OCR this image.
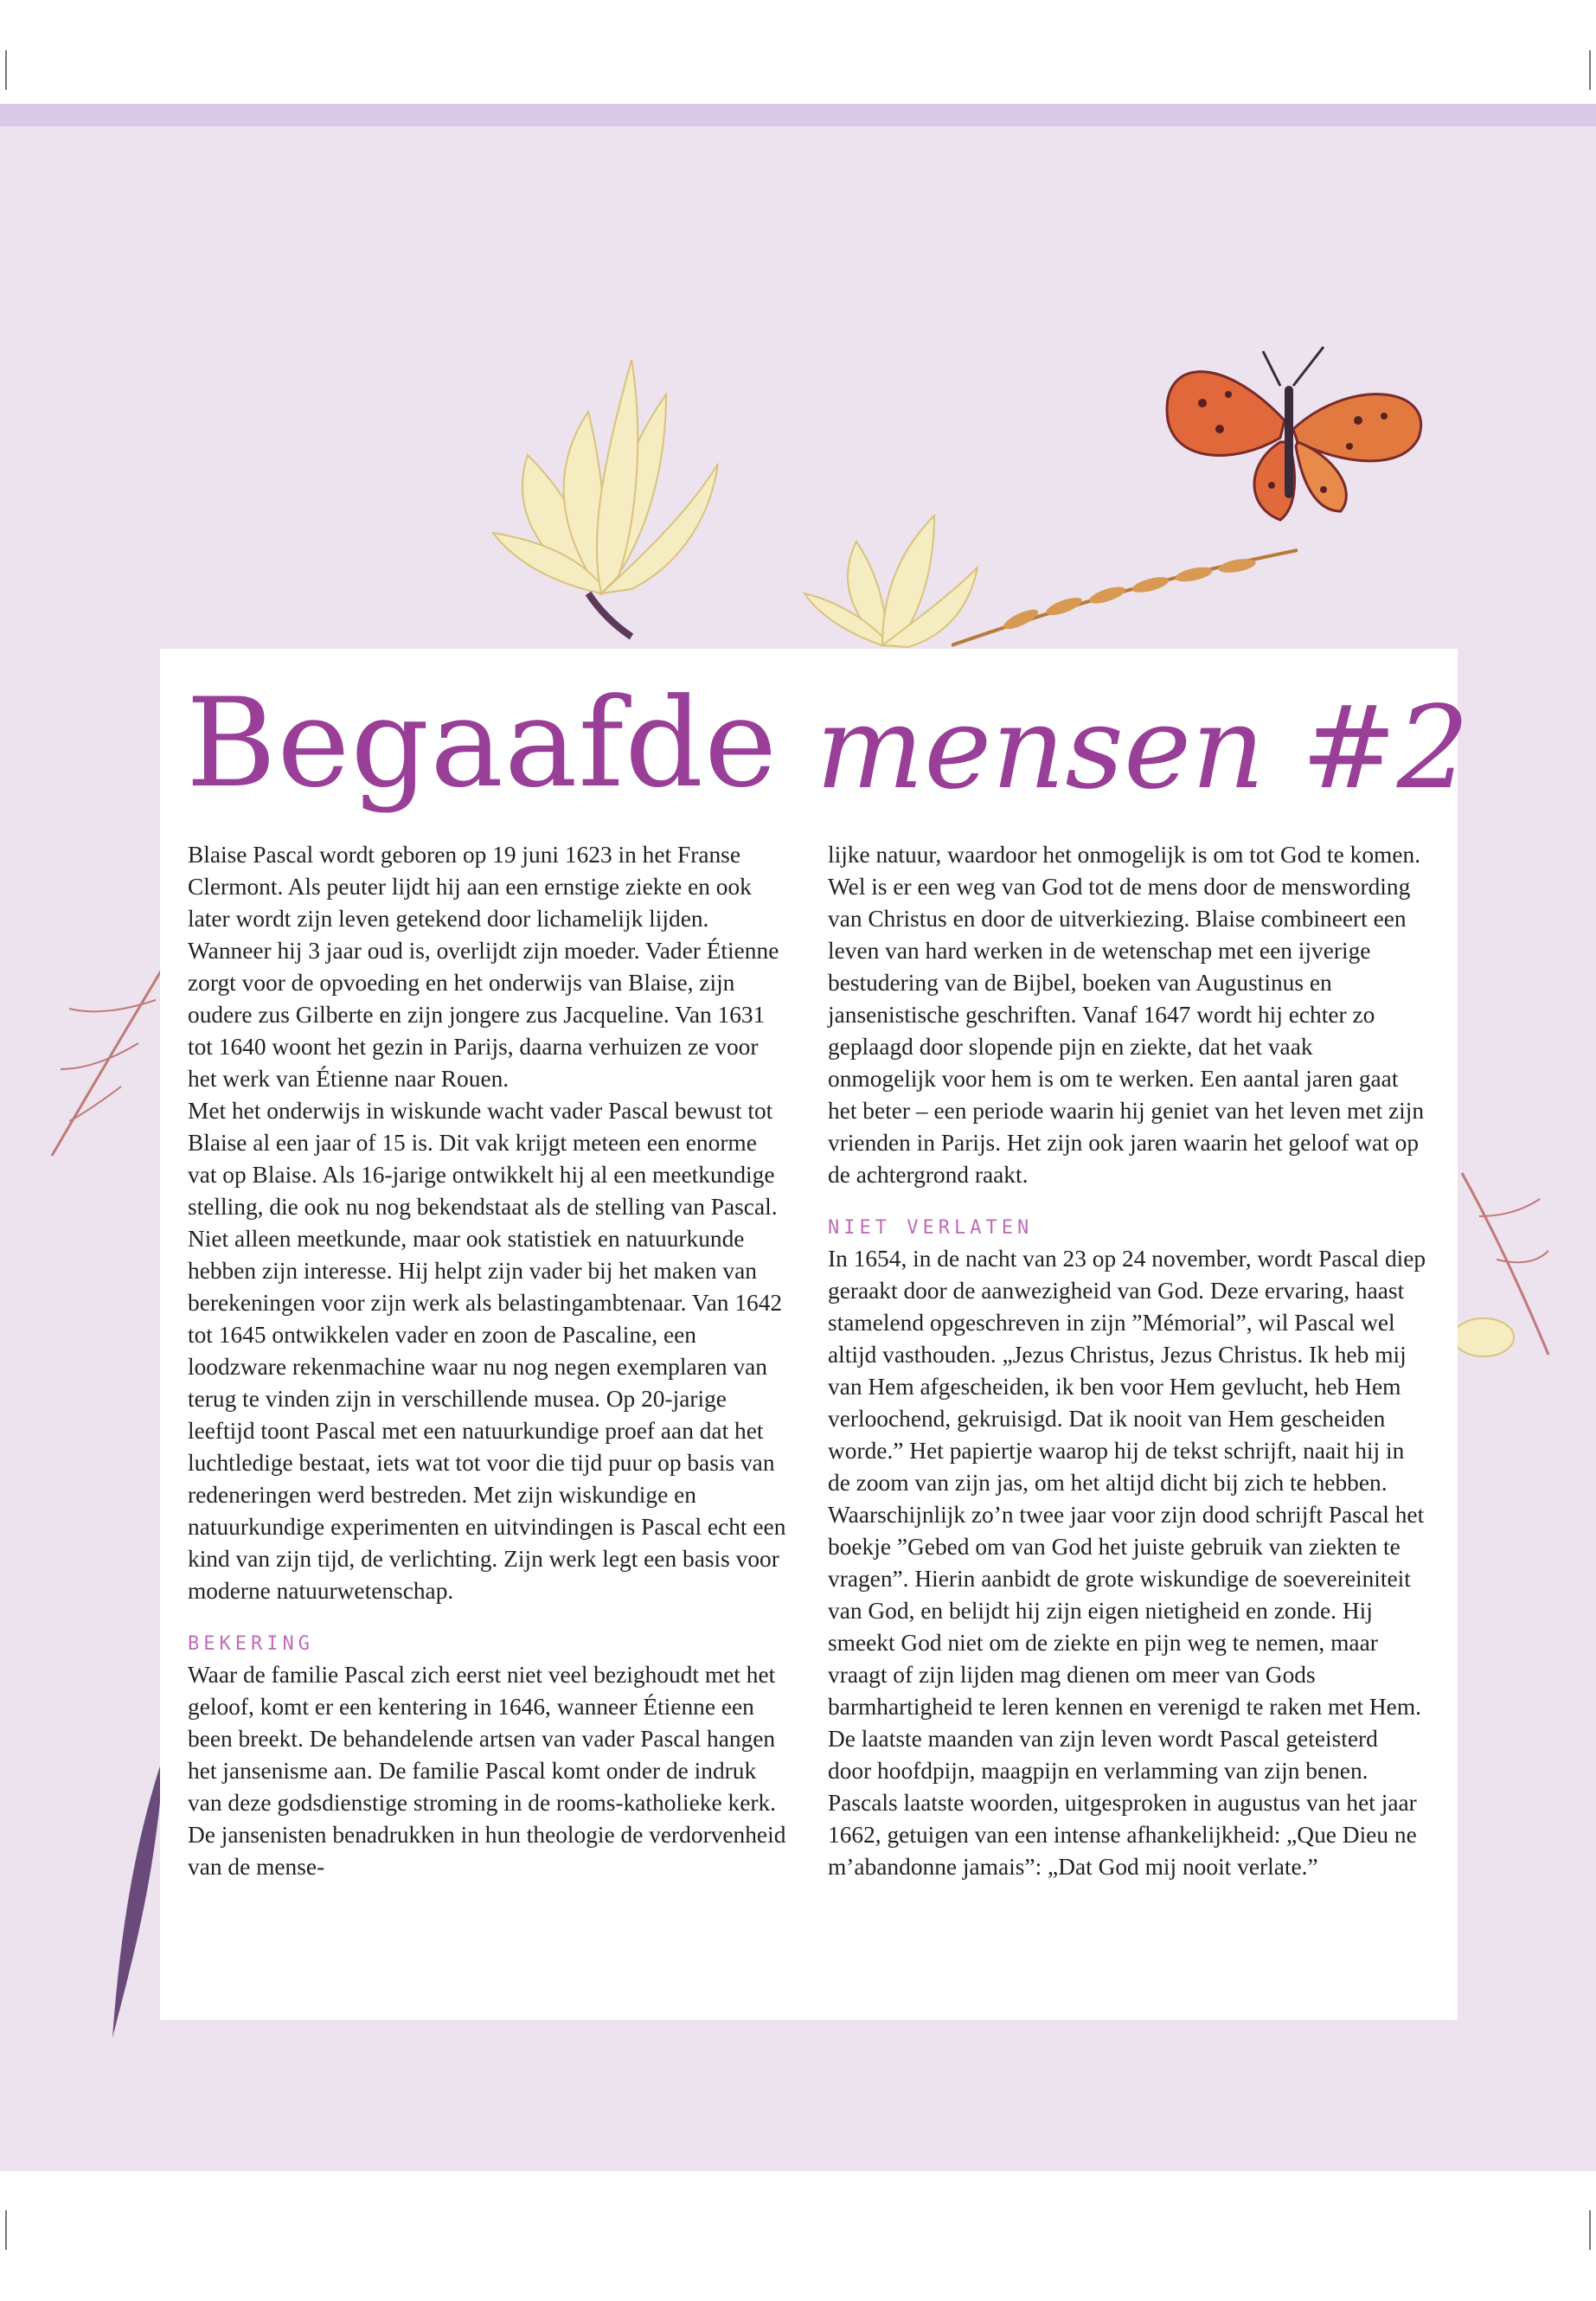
Begaafde mensen #2

Blaise Pascal wordt geboren op 19 juni 1623 in het Franse Clermont. Als peuter lijdt hij aan een ernstige ziekte en ook later wordt zijn leven getekend door lichamelijk lijden. Wanneer hij 3 jaar oud is, overlijdt zijn moeder. Vader Étienne zorgt voor de opvoeding en het onderwijs van Blaise, zijn oudere zus Gilberte en zijn jongere zus Jacqueline. Van 1631 tot 1640 woont het gezin in Parijs, daarna verhuizen ze voor het werk van Étienne naar Rouen.

Met het onderwijs in wiskunde wacht vader Pascal bewust tot Blaise al een jaar of 15 is. Dit vak krijgt meteen een enorme vat op Blaise. Als 16-jarige ontwikkelt hij al een meetkundige stelling, die ook nu nog bekendstaat als de stelling van Pascal.

Niet alleen meetkunde, maar ook statistiek en natuurkunde hebben zijn interesse. Hij helpt zijn vader bij het maken van berekeningen voor zijn werk als belastingambtenaar. Van 1642 tot 1645 ontwikkelen vader en zoon de Pascaline, een loodzware rekenmachine waar nu nog negen exemplaren van terug te vinden zijn in verschillende musea. Op 20-jarige leeftijd toont Pascal met een natuurkundige proef aan dat het luchtledige bestaat, iets wat tot voor die tijd puur op basis van redeneringen werd bestreden. Met zijn wiskundige en natuurkundige experimenten en uitvindingen is Pascal echt een kind van zijn tijd, de verlichting. Zijn werk legt een basis voor moderne natuurwetenschap.

BEKERING

Waar de familie Pascal zich eerst niet veel bezighoudt met het geloof, komt er een kentering in 1646, wanneer Étienne een been breekt. De behandelende artsen van vader Pascal hangen het jansenisme aan. De familie Pascal komt onder de indruk van deze godsdienstige stroming in de rooms-katholieke kerk. De jansenisten benadrukken in hun theologie de verdorvenheid van de mense-

lijke natuur, waardoor het onmogelijk is om tot God te komen. Wel is er een weg van God tot de mens door de menswording van Christus en door de uitverkiezing. Blaise combineert een leven van hard werken in de wetenschap met een ijverige bestudering van de Bijbel, boeken van Augustinus en jansenistische geschriften. Vanaf 1647 wordt hij echter zo geplaagd door slopende pijn en ziekte, dat het vaak onmogelijk voor hem is om te werken. Een aantal jaren gaat het beter – een periode waarin hij geniet van het leven met zijn vrienden in Parijs. Het zijn ook jaren waarin het geloof wat op de achtergrond raakt.

NIET VERLATEN

In 1654, in de nacht van 23 op 24 november, wordt Pascal diep geraakt door de aanwezigheid van God. Deze ervaring, haast stamelend opgeschreven in zijn ”Mémorial”, wil Pascal wel altijd vasthouden. „Jezus Christus, Jezus Christus. Ik heb mij van Hem afgescheiden, ik ben voor Hem gevlucht, heb Hem verloochend, gekruisigd. Dat ik nooit van Hem gescheiden worde.” Het papiertje waarop hij de tekst schrijft, naait hij in de zoom van zijn jas, om het altijd dicht bij zich te hebben.

Waarschijnlijk zo’n twee jaar voor zijn dood schrijft Pascal het boekje ”Gebed om van God het juiste gebruik van ziekten te vragen”. Hierin aanbidt de grote wiskundige de soevereiniteit van God, en belijdt hij zijn eigen nietigheid en zonde. Hij smeekt God niet om de ziekte en pijn weg te nemen, maar vraagt of zijn lijden mag dienen om meer van Gods barmhartigheid te leren kennen en verenigd te raken met Hem. De laatste maanden van zijn leven wordt Pascal geteisterd door hoofdpijn, maagpijn en verlamming van zijn benen. Pascals laatste woorden, uitgesproken in augustus van het jaar 1662, getuigen van een intense afhankelijkheid: „Que Dieu ne m’abandonne jamais”: „Dat God mij nooit verlate.”
